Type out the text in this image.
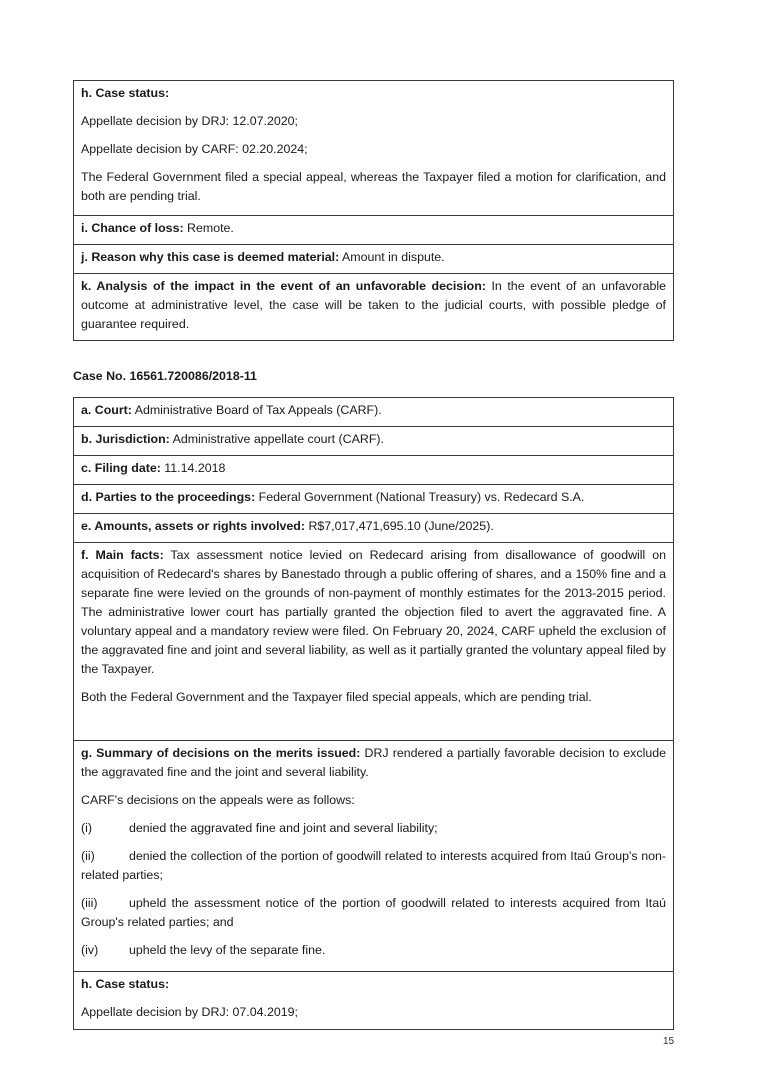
h. Case status:

Appellate decision by DRJ: 12.07.2020;

Appellate decision by CARF: 02.20.2024;

The Federal Government filed a special appeal, whereas the Taxpayer filed a motion for clarification, and both are pending trial.

i. Chance of loss: Remote.

j. Reason why this case is deemed material: Amount in dispute.

k. Analysis of the impact in the event of an unfavorable decision: In the event of an unfavorable outcome at administrative level, the case will be taken to the judicial courts, with possible pledge of guarantee required.

Case No. 16561.720086/2018-11

a. Court: Administrative Board of Tax Appeals (CARF).

b. Jurisdiction: Administrative appellate court (CARF).

c. Filing date: 11.14.2018

d. Parties to the proceedings: Federal Government (National Treasury) vs. Redecard S.A.

e. Amounts, assets or rights involved: R$7,017,471,695.10 (June/2025).

f. Main facts: Tax assessment notice levied on Redecard arising from disallowance of goodwill on acquisition of Redecard's shares by Banestado through a public offering of shares, and a 150% fine and a separate fine were levied on the grounds of non-payment of monthly estimates for the 2013-2015 period. The administrative lower court has partially granted the objection filed to avert the aggravated fine. A voluntary appeal and a mandatory review were filed. On February 20, 2024, CARF upheld the exclusion of the aggravated fine and joint and several liability, as well as it partially granted the voluntary appeal filed by the Taxpayer.

Both the Federal Government and the Taxpayer filed special appeals, which are pending trial.

g. Summary of decisions on the merits issued: DRJ rendered a partially favorable decision to exclude the aggravated fine and the joint and several liability.

CARF's decisions on the appeals were as follows:

(i)	denied the aggravated fine and joint and several liability;

(ii)	denied the collection of the portion of goodwill related to interests acquired from Itaú Group's non-related parties;

(iii)	upheld the assessment notice of the portion of goodwill related to interests acquired from Itaú Group's related parties; and

(iv) upheld the levy of the separate fine.

h. Case status:

Appellate decision by DRJ: 07.04.2019;

15
